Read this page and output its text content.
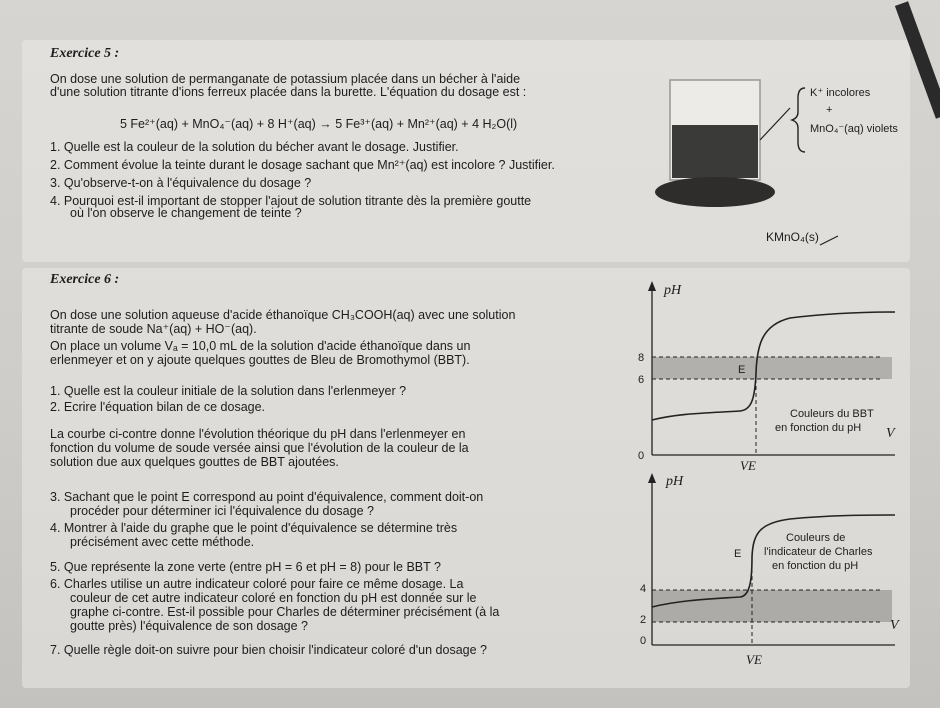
Exercice 5 :
On dose une solution de permanganate de potassium placée dans un bécher à l'aide
d'une solution titrante d'ions ferreux placée dans la burette. L'équation du dosage est :
5 Fe²⁺(aq) + MnO₄⁻(aq) + 8 H⁺(aq) → 5 Fe³⁺(aq) + Mn²⁺(aq) + 4 H₂O(l)
1. Quelle est la couleur de la solution du bécher avant le dosage. Justifier.
2. Comment évolue la teinte durant le dosage sachant que Mn²⁺(aq) est incolore ? Justifier.
3. Qu'observe-t-on à l'équivalence du dosage ?
4. Pourquoi est-il important de stopper l'ajout de solution titrante dès la première goutte
où l'on observe le changement de teinte ?
K⁺ incolores
+
MnO₄⁻(aq) violets
KMnO₄(s)
Exercice 6 :
On dose une solution aqueuse d'acide éthanoïque CH₃COOH(aq) avec une solution
titrante de soude Na⁺(aq) + HO⁻(aq).
On place un volume Vₐ = 10,0 mL de la solution d'acide éthanoïque dans un
erlenmeyer et on y ajoute quelques gouttes de Bleu de Bromothymol (BBT).
1. Quelle est la couleur initiale de la solution dans l'erlenmeyer ?
2. Ecrire l'équation bilan de ce dosage.
La courbe ci-contre donne l'évolution théorique du pH dans l'erlenmeyer en
fonction du volume de soude versée ainsi que l'évolution de la couleur de la
solution due aux quelques gouttes de BBT ajoutées.
3. Sachant que le point E correspond au point d'équivalence, comment doit-on
procéder pour déterminer ici l'équivalence du dosage ?
4. Montrer à l'aide du graphe que le point d'équivalence se détermine très
précisément avec cette méthode.
5. Que représente la zone verte (entre pH = 6 et pH = 8) pour le BBT ?
6. Charles utilise un autre indicateur coloré pour faire ce même dosage. La
couleur de cet autre indicateur coloré en fonction du pH est donnée sur le
graphe ci-contre. Est-il possible pour Charles de déterminer précisément (à la
goutte près) l'équivalence de son dosage ?
7. Quelle règle doit-on suivre pour bien choisir l'indicateur coloré d'un dosage ?
pH
8
6
0
E
Couleurs du BBT
en fonction du pH V
VE
pH
4
2
0
E
Couleurs de
l'indicateur de Charles
en fonction du pH
V
VE
